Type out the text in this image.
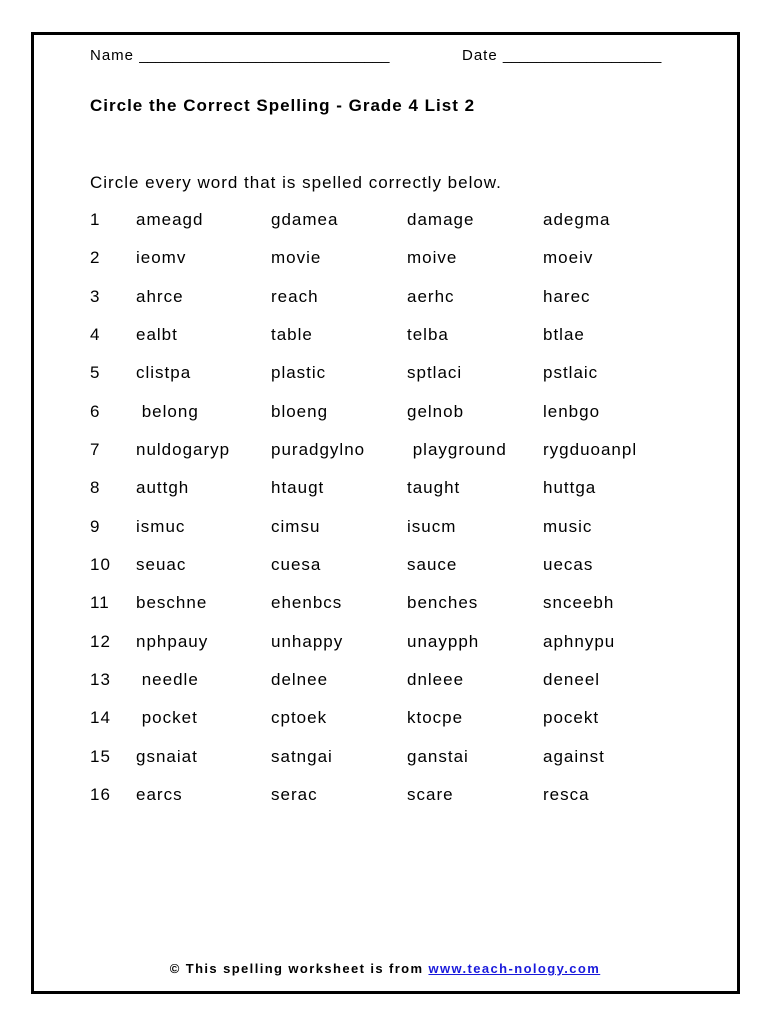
Name ______________________________	Date ___________________
Circle the Correct Spelling - Grade 4 List 2
Circle every word that is spelled correctly below.
1 ameagd	gdamea	damage	adegma
2 ieomv	movie	moive	moeiv
3 ahrce	reach	aerhc	harec
4 ealbt	table	telba	btlae
5 clistpa	plastic	sptlaci	pstlaic
6 belong	bloeng	gelnob	lenbgo
7 nuldogaryp puradgylno playground rygduoanpl
8 auttgh	htaugt	taught	huttga
9 ismuc	cimsu	isucm	music
10 seuac	cuesa	sauce	uecas
11 beschne	ehenbcs	benches	snceebh
12 nphpauy	unhappy	unaypph	aphnypu
13 needle	delnee	dnleee	deneel
14 pocket	cptoek	ktocpe	pocekt
15 gsnaiat	satngai	ganstai	against
16 earcs	serac	scare	resca
© This spelling worksheet is from www.teach-nology.com
